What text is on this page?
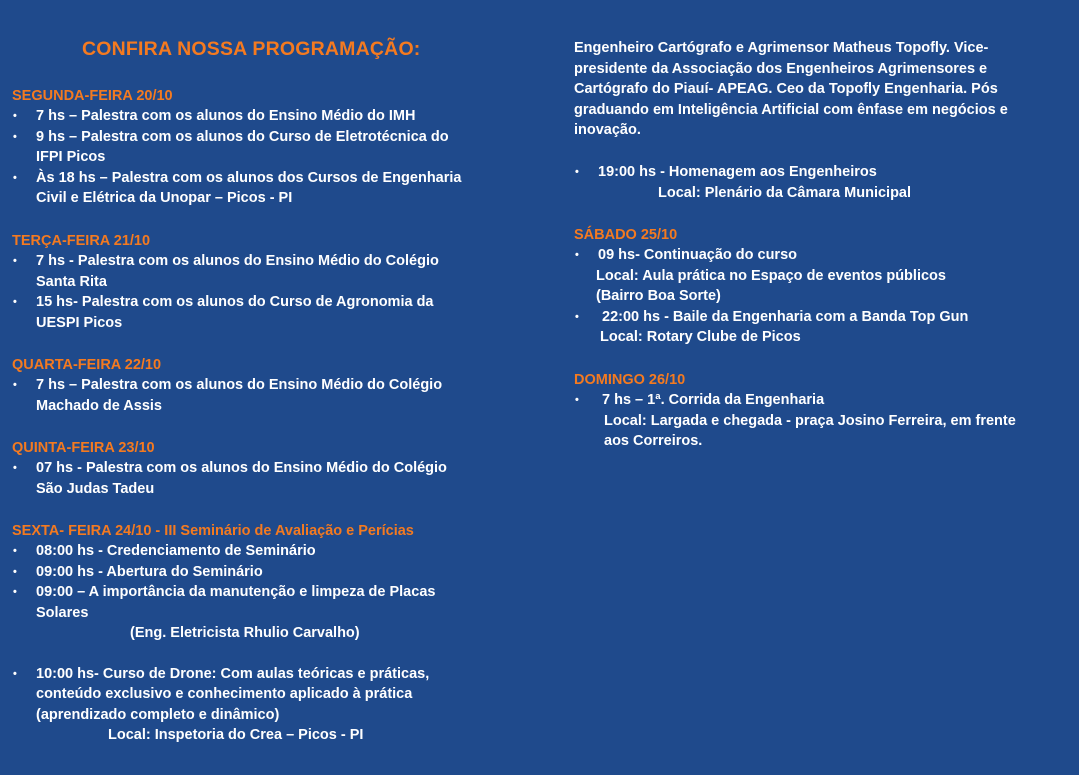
CONFIRA NOSSA PROGRAMAÇÃO:

SEGUNDA-FEIRA 20/10

• 7 hs – Palestra com os alunos do Ensino Médio do IMH
• 9 hs – Palestra com os alunos do Curso de Eletrotécnica do
IFPI Picos
• Às 18 hs – Palestra com os alunos dos Cursos de Engenharia
Civil e Elétrica da Unopar – Picos - PI

TERÇA-FEIRA 21/10

• 7 hs - Palestra com os alunos do Ensino Médio do Colégio
Santa Rita
• 15 hs- Palestra com os alunos do Curso de Agronomia da
UESPI Picos

QUARTA-FEIRA 22/10

• 7 hs – Palestra com os alunos do Ensino Médio do Colégio
Machado de Assis

QUINTA-FEIRA 23/10

• 07 hs - Palestra com os alunos do Ensino Médio do Colégio
São Judas Tadeu

SEXTA- FEIRA 24/10 - III Seminário de Avaliação e Perícias

• 08:00 hs - Credenciamento de Seminário
• 09:00 hs - Abertura do Seminário
• 09:00 – A importância da manutenção e limpeza de Placas
Solares
(Eng. Eletricista Rhulio Carvalho)
• 10:00 hs- Curso de Drone: Com aulas teóricas e práticas,
conteúdo exclusivo e conhecimento aplicado à prática
(aprendizado completo e dinâmico)
Local: Inspetoria do Crea – Picos - PI

Engenheiro Cartógrafo e Agrimensor Matheus Topofly. Vice-
presidente da Associação dos Engenheiros Agrimensores e
Cartógrafo do Piauí- APEAG. Ceo da Topofly Engenharia. Pós
graduando em Inteligência Artificial com ênfase em negócios e
inovação.

• 19:00 hs - Homenagem aos Engenheiros
Local: Plenário da Câmara Municipal

SÁBADO 25/10

• 09 hs- Continuação do curso
Local: Aula prática no Espaço de eventos públicos
(Bairro Boa Sorte)
• 22:00 hs - Baile da Engenharia com a Banda Top Gun
Local: Rotary Clube de Picos

DOMINGO 26/10

• 7 hs – 1ª. Corrida da Engenharia
Local: Largada e chegada - praça Josino Ferreira, em frente
aos Correiros.
